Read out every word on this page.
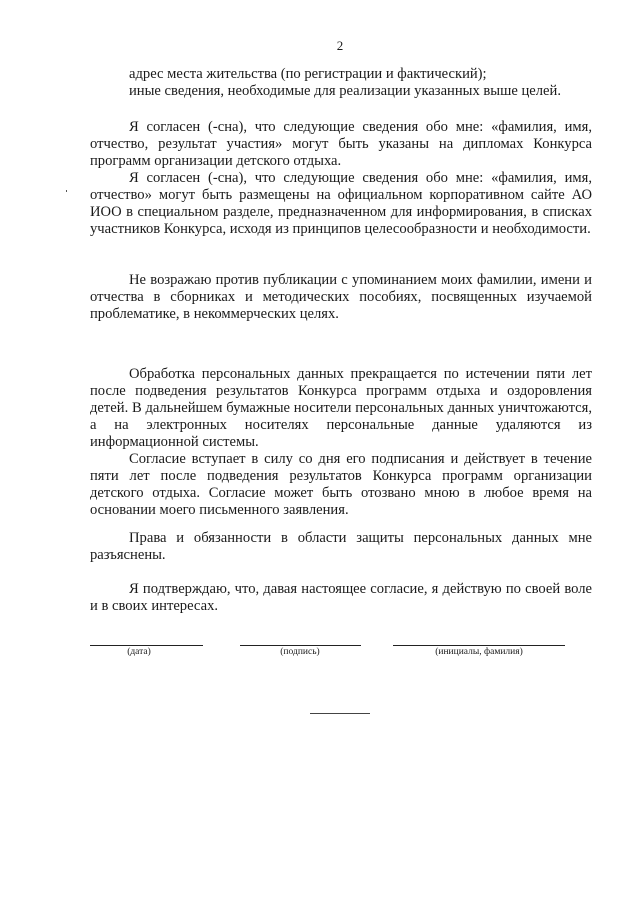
2

адрес места жительства (по регистрации и фактический);

иные сведения, необходимые для реализации указанных выше целей.

Я согласен (-сна), что следующие сведения обо мне: «фамилия, имя, отчество, результат участия» могут быть указаны на дипломах Конкурса программ организации детского отдыха.

Я согласен (-сна), что следующие сведения обо мне: «фамилия, имя, отчество» могут быть размещены на официальном корпоративном сайте АО ИОО в специальном разделе, предназначенном для информирования, в списках участников Конкурса, исходя из принципов целесообразности и необходимости.

Не возражаю против публикации с упоминанием моих фамилии, имени и отчества в сборниках и методических пособиях, посвященных изучаемой проблематике, в некоммерческих целях.

Обработка персональных данных прекращается по истечении пяти лет после подведения результатов Конкурса программ отдыха и оздоровления детей. В дальнейшем бумажные носители персональных данных уничтожаются, а на электронных носителях персональные данные удаляются из информационной системы.

Согласие вступает в силу со дня его подписания и действует в течение пяти лет после подведения результатов Конкурса программ организации детского отдыха. Согласие может быть отозвано мною в любое время на основании моего письменного заявления.

Права и обязанности в области защиты персональных данных мне разъяснены.

Я подтверждаю, что, давая настоящее согласие, я действую по своей воле и в своих интересах.

(дата)	(подпись)	(инициалы, фамилия)
